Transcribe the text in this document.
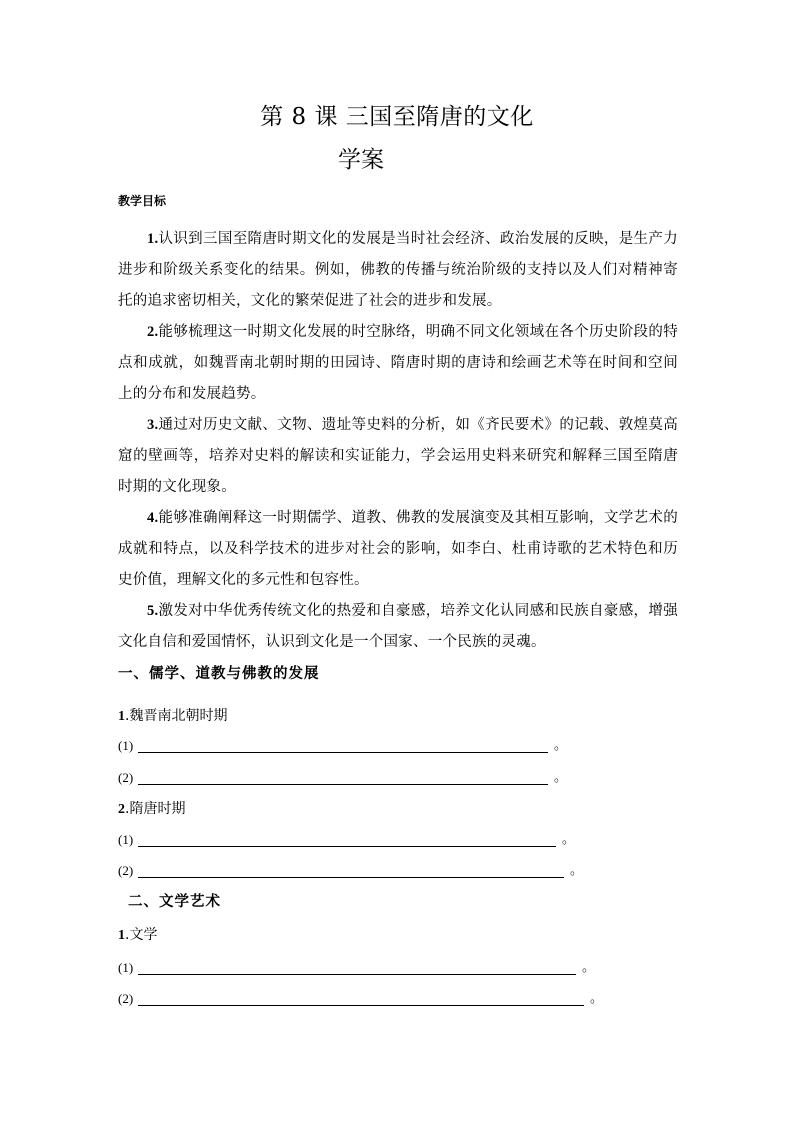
第 8 课 三国至隋唐的文化
学案
教学目标
1.认识到三国至隋唐时期文化的发展是当时社会经济、政治发展的反映，是生产力进步和阶级关系变化的结果。例如，佛教的传播与统治阶级的支持以及人们对精神寄托的追求密切相关，文化的繁荣促进了社会的进步和发展。
2.能够梳理这一时期文化发展的时空脉络，明确不同文化领域在各个历史阶段的特点和成就，如魏晋南北朝时期的田园诗、隋唐时期的唐诗和绘画艺术等在时间和空间上的分布和发展趋势。
3.通过对历史文献、文物、遗址等史料的分析，如《齐民要术》的记载、敦煌莫高窟的壁画等，培养对史料的解读和实证能力，学会运用史料来研究和解释三国至隋唐时期的文化现象。
4.能够准确阐释这一时期儒学、道教、佛教的发展演变及其相互影响，文学艺术的成就和特点，以及科学技术的进步对社会的影响，如李白、杜甫诗歌的艺术特色和历史价值，理解文化的多元性和包容性。
5.激发对中华优秀传统文化的热爱和自豪感，培养文化认同感和民族自豪感，增强文化自信和爱国情怀，认识到文化是一个国家、一个民族的灵魂。
一、儒学、道教与佛教的发展
1.魏晋南北朝时期
(1)	。
(2)	。
2.隋唐时期
(1)	。
(2)	。
二、文学艺术
1.文学
(1)	。
(2)	。
